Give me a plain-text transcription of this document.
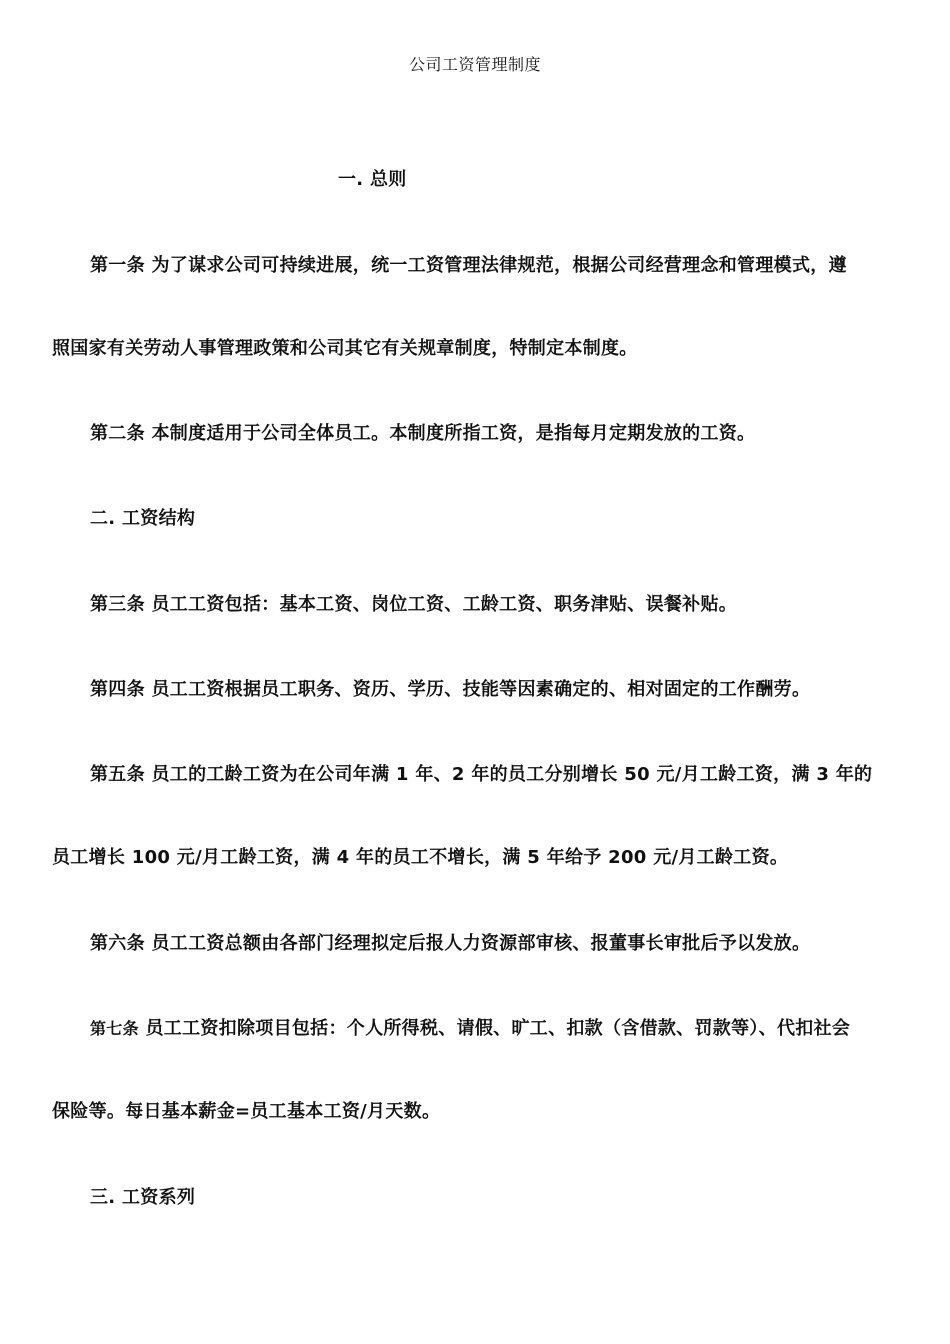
公司工资管理制度
一. 总则
第一条 为了谋求公司可持续进展，统一工资管理法律规范，根据公司经营理念和管理模式，遵
照国家有关劳动人事管理政策和公司其它有关规章制度，特制定本制度。
第二条 本制度适用于公司全体员工。本制度所指工资，是指每月定期发放的工资。
二. 工资结构
第三条 员工工资包括：基本工资、岗位工资、工龄工资、职务津贴、误餐补贴。
第四条 员工工资根据员工职务、资历、学历、技能等因素确定的、相对固定的工作酬劳。
第五条 员工的工龄工资为在公司年满 1 年、2 年的员工分别增长 50 元/月工龄工资，满 3 年的
员工增长 100 元/月工龄工资，满 4 年的员工不增长，满 5 年给予 200 元/月工龄工资。
第六条 员工工资总额由各部门经理拟定后报人力资源部审核、报董事长审批后予以发放。
第七条 员工工资扣除项目包括：个人所得税、请假、旷工、扣款（含借款、罚款等）、代扣社会
保险等。每日基本薪金=员工基本工资/月天数。
三. 工资系列
